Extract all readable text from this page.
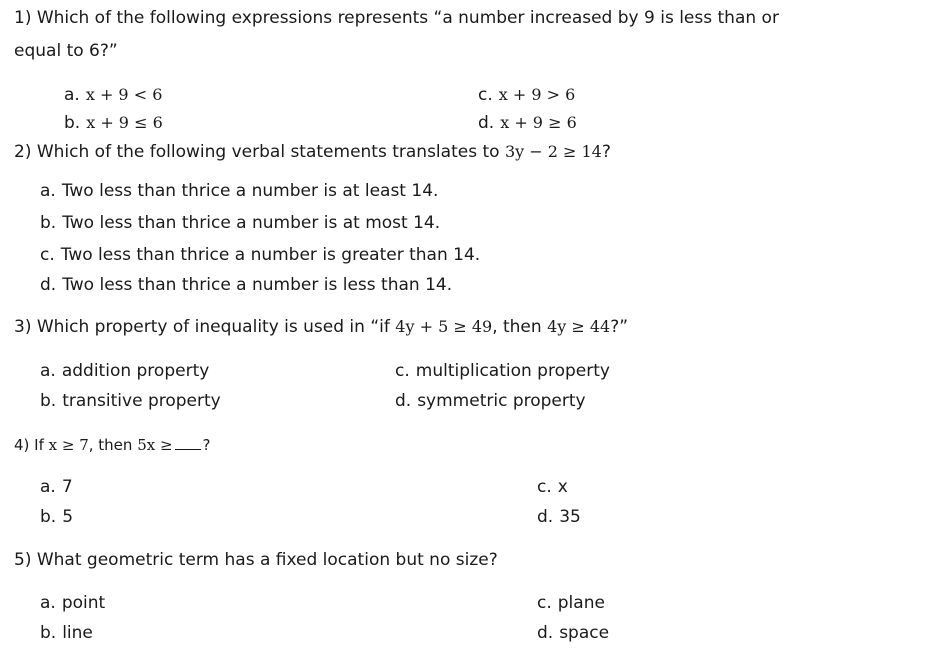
1) Which of the following expressions represents “a number increased by 9 is less than or
equal to 6?”
a. x + 9 < 6	c. x + 9 > 6
b. x + 9 ≤ 6	d. x + 9 ≥ 6
2) Which of the following verbal statements translates to 3y − 2 ≥ 14?
a. Two less than thrice a number is at least 14.
b. Two less than thrice a number is at most 14.
c. Two less than thrice a number is greater than 14.
d. Two less than thrice a number is less than 14.
3) Which property of inequality is used in “if 4y + 5 ≥ 49, then 4y ≥ 44?”
a. addition property	c. multiplication property
b. transitive property	d. symmetric property
4) If x ≥ 7, then 5x ≥ ?
a. 7	c. x
b. 5	d. 35
5) What geometric term has a fixed location but no size?
a. point	c. plane
b. line	d. space
